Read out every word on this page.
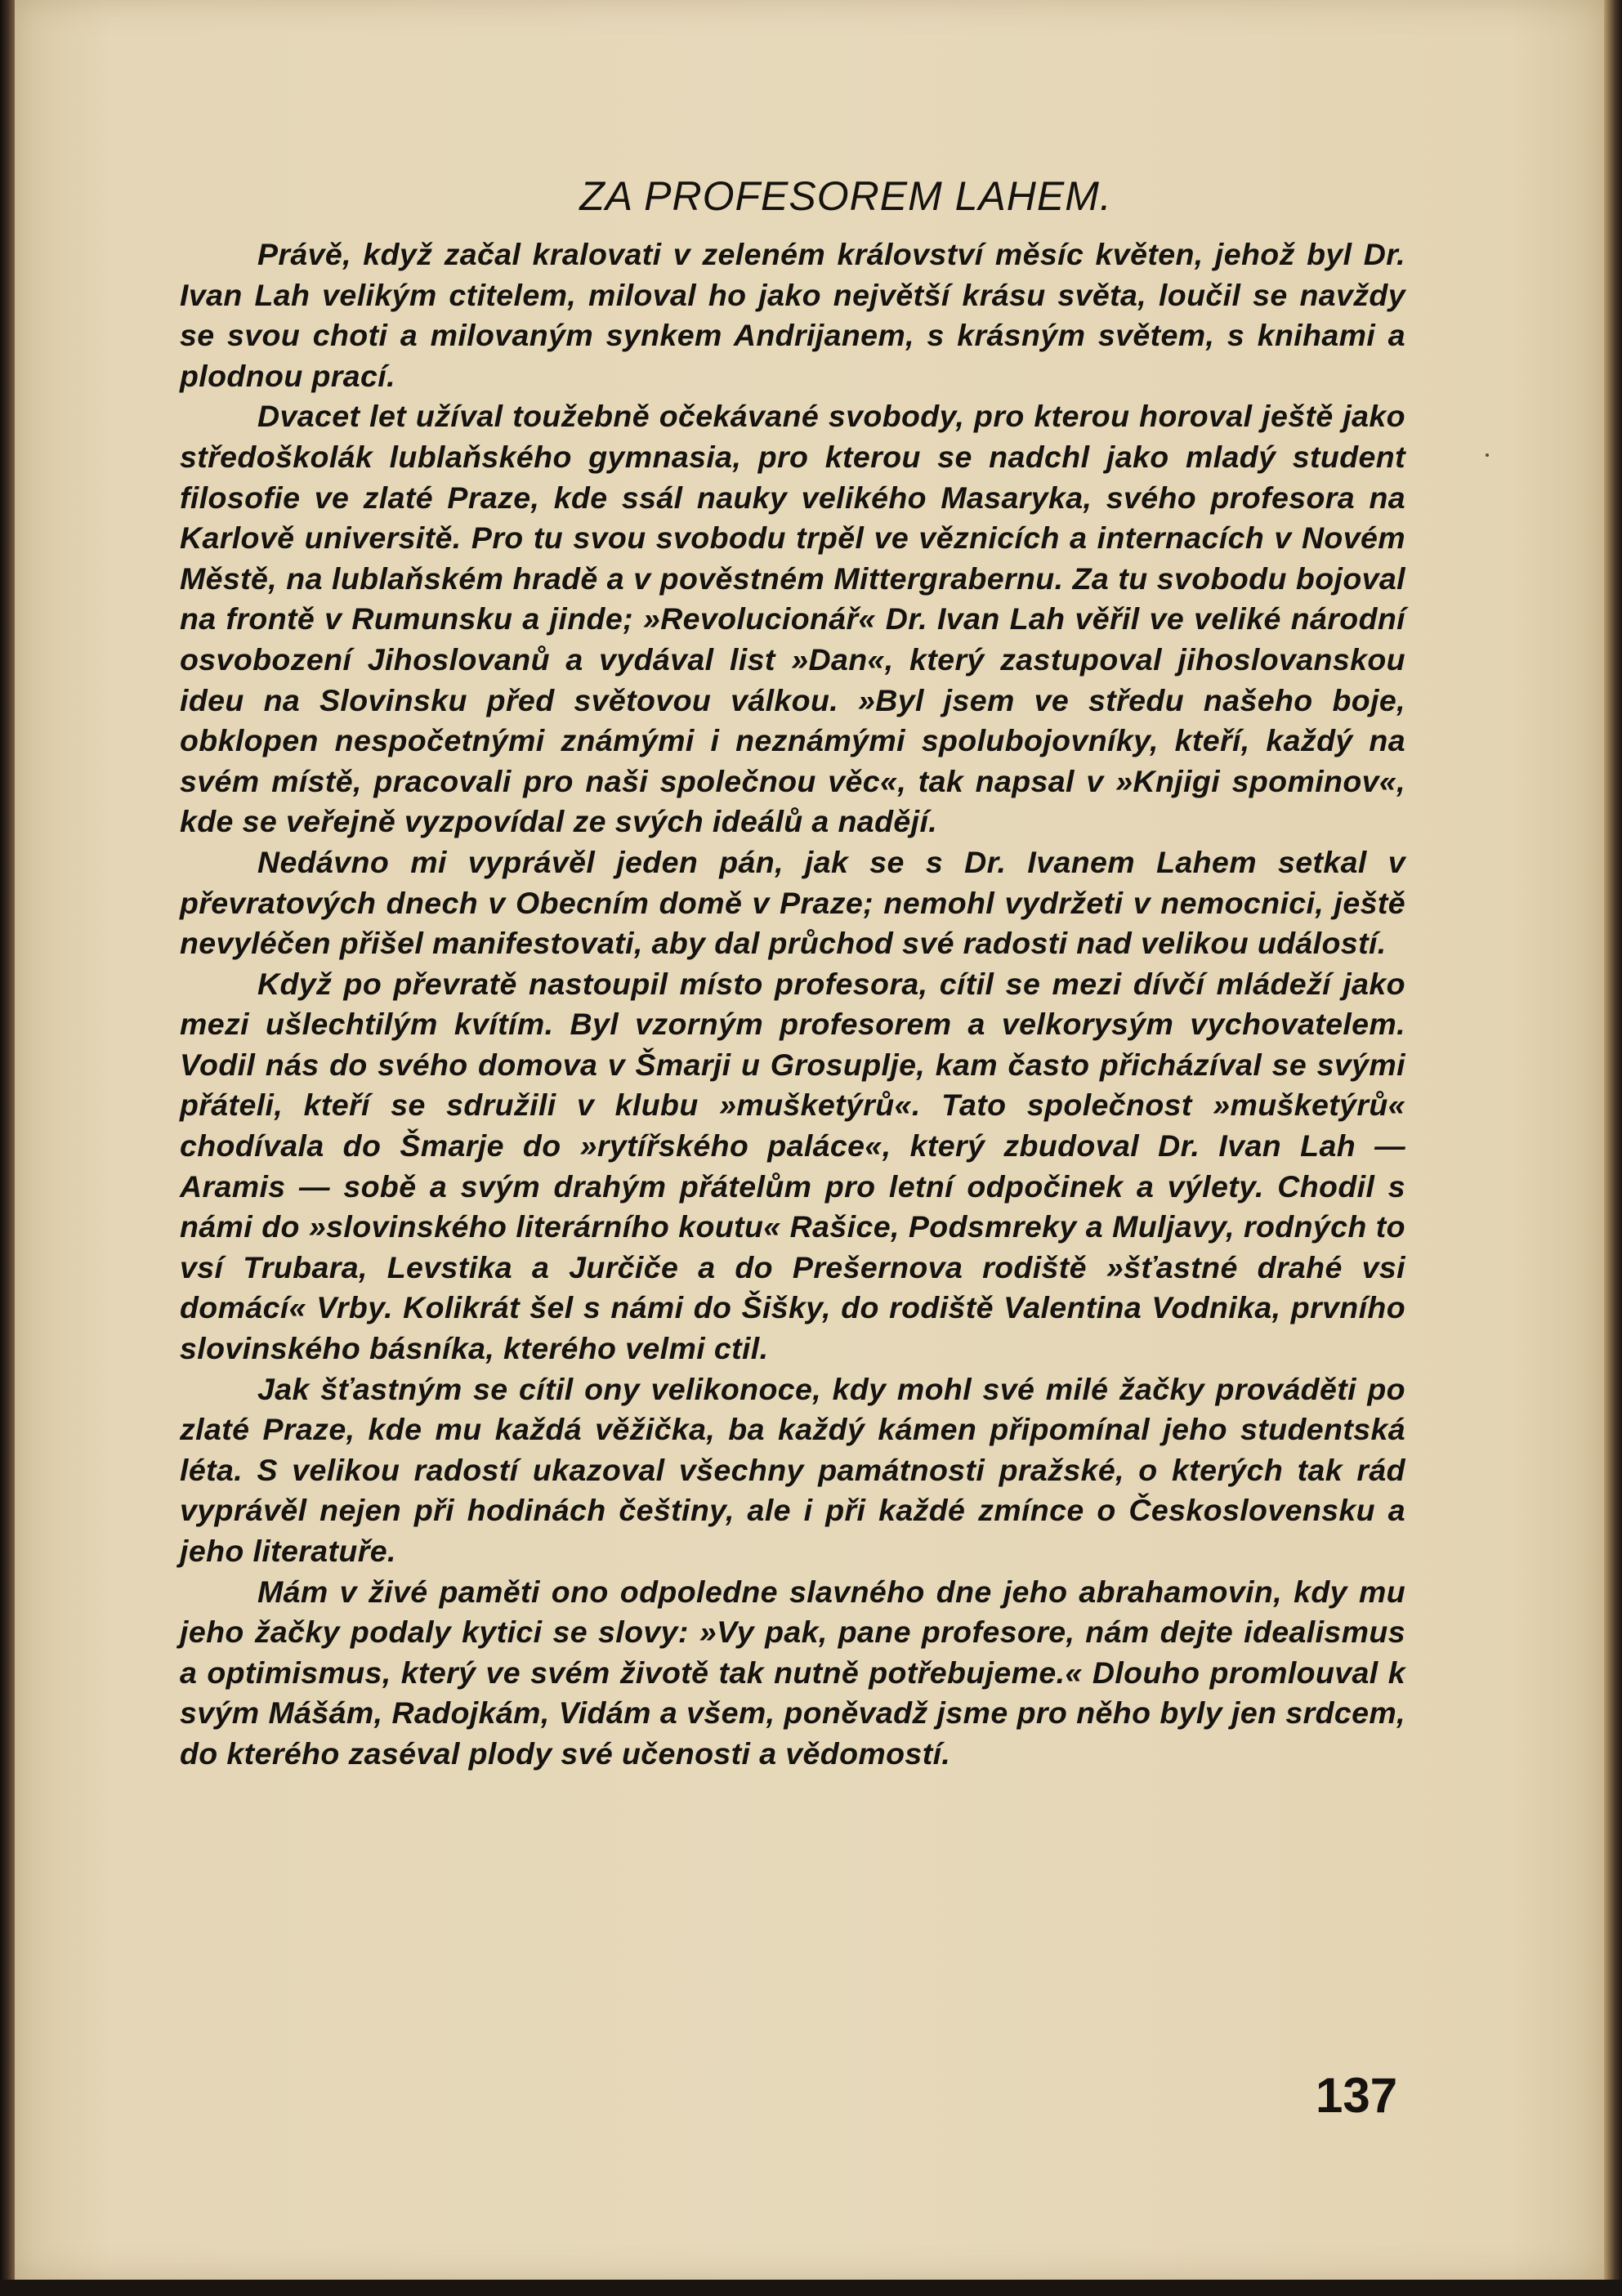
ZA PROFESOREM LAHEM.

Právě, když začal kralovati v zeleném království měsíc květen, jehož byl Dr. Ivan Lah velikým ctitelem, miloval ho jako největší krásu světa, loučil se navždy se svou choti a milovaným synkem Andrijanem, s krásným světem, s knihami a plodnou prací.

Dvacet let užíval toužebně očekávané svobody, pro kterou horoval ještě jako středoškolák lublaňského gymnasia, pro kterou se nadchl jako mladý student filosofie ve zlaté Praze, kde ssál nauky velikého Masaryka, svého profesora na Karlově universitě. Pro tu svou svobodu trpěl ve věznicích a internacích v Novém Městě, na lublaňském hradě a v pověstném Mittergrabernu. Za tu svobodu bojoval na frontě v Rumunsku a jinde; »Revolucionář« Dr. Ivan Lah věřil ve veliké národní osvobození Jihoslovanů a vydával list »Dan«, který zastupoval jihoslovanskou ideu na Slovinsku před světovou válkou. »Byl jsem ve středu našeho boje, obklopen nespočetnými známými i neznámými spolubojovníky, kteří, každý na svém místě, pracovali pro naši společnou věc«, tak napsal v »Knjigi spominov«, kde se veřejně vyzpovídal ze svých ideálů a nadějí.

Nedávno mi vyprávěl jeden pán, jak se s Dr. Ivanem Lahem setkal v převratových dnech v Obecním domě v Praze; nemohl vydržeti v nemocnici, ještě nevyléčen přišel manifestovati, aby dal průchod své radosti nad velikou událostí.

Když po převratě nastoupil místo profesora, cítil se mezi dívčí mládeží jako mezi ušlechtilým kvítím. Byl vzorným profesorem a velkorysým vychovatelem. Vodil nás do svého domova v Šmarji u Grosuplje, kam často přicházíval se svými přáteli, kteří se sdružili v klubu »mušketýrů«. Tato společnost »mušketýrů« chodívala do Šmarje do »rytířského paláce«, který zbudoval Dr. Ivan Lah — Aramis — sobě a svým drahým přátelům pro letní odpočinek a výlety. Chodil s námi do »slovinského literárního koutu« Rašice, Podsmreky a Muljavy, rodných to vsí Trubara, Levstika a Jurčiče a do Prešernova rodiště »šťastné drahé vsi domácí« Vrby. Kolikrát šel s námi do Šišky, do rodiště Valentina Vodnika, prvního slovinského básníka, kterého velmi ctil.

Jak šťastným se cítil ony velikonoce, kdy mohl své milé žačky prováděti po zlaté Praze, kde mu každá věžička, ba každý kámen připomínal jeho studentská léta. S velikou radostí ukazoval všechny památnosti pražské, o kterých tak rád vyprávěl nejen při hodinách češtiny, ale i při každé zmínce o Československu a jeho literatuře.

Mám v živé paměti ono odpoledne slavného dne jeho abrahamovin, kdy mu jeho žačky podaly kytici se slovy: »Vy pak, pane profesore, nám dejte idealismus a optimismus, který ve svém životě tak nutně potřebujeme.« Dlouho promlouval k svým Mášám, Radojkám, Vidám a všem, poněvadž jsme pro něho byly jen srdcem, do kterého zaséval plody své učenosti a vědomostí.

137
